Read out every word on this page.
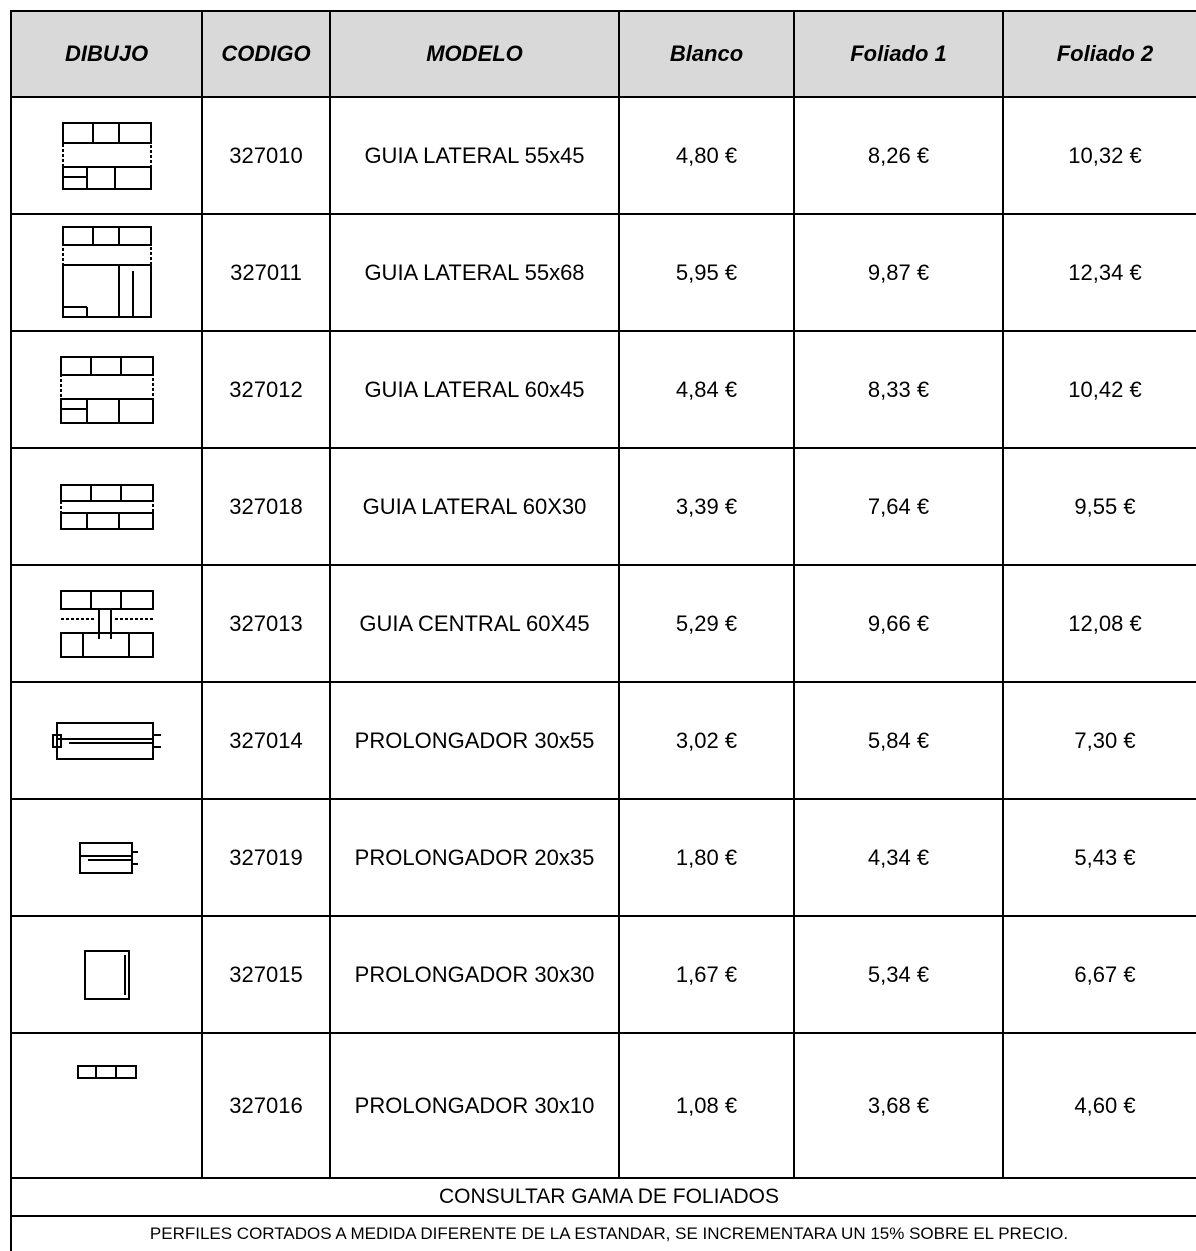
DIBUJO	CODIGO	MODELO	Blanco	Foliado 1	Foliado 2

	327010	GUIA LATERAL 55x45	4,80 €	8,26 €	10,32 €

	327011	GUIA LATERAL 55x68	5,95 €	9,87 €	12,34 €

	327012	GUIA LATERAL 60x45	4,84 €	8,33 €	10,42 €

	327018	GUIA LATERAL 60X30	3,39 €	7,64 €	9,55 €

	327013	GUIA CENTRAL 60X45	5,29 €	9,66 €	12,08 €

	327014	PROLONGADOR 30x55	3,02 €	5,84 €	7,30 €

	327019	PROLONGADOR 20x35	1,80 €	4,34 €	5,43 €

	327015	PROLONGADOR 30x30	1,67 €	5,34 €	6,67 €

	327016	PROLONGADOR 30x10	1,08 €	3,68 €	4,60 €
CONSULTAR GAMA DE FOLIADOS					
PERFILES CORTADOS A MEDIDA DIFERENTE DE LA ESTANDAR, SE INCREMENTARA UN 15% SOBRE EL PRECIO.					
